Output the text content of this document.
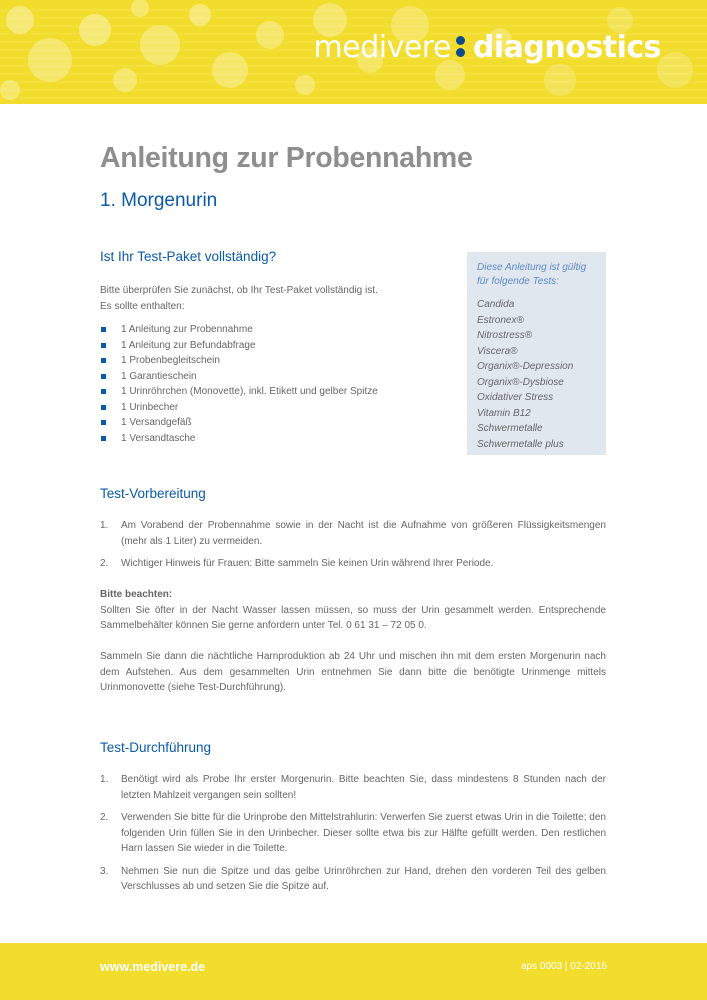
medivere diagnostics
Anleitung zur Probennahme
1. Morgenurin
Ist Ihr Test-Paket vollständig?

Bitte überprüfen Sie zunächst, ob Ihr Test-Paket vollständig ist.

Es sollte enthalten:

1 Anleitung zur Probennahme
1 Anleitung zur Befundabfrage
1 Probenbegleitschein
1 Garantieschein
1 Urinröhrchen (Monovette), inkl. Etikett und gelber Spitze
1 Urinbecher
1 Versandgefäß
1 Versandtasche
Diese Anleitung ist gültig
für folgende Tests:
Candida
Estronex®
Nitrostress®
Viscera®
Organix®-Depression
Organix®-Dysbiose
Oxidativer Stress
Vitamin B12
Schwermetalle
Schwermetalle plus
Test-Vorbereitung
1. Am Vorabend der Probennahme sowie in der Nacht ist die Aufnahme von größeren Flüssigkeitsmengen (mehr als 1 Liter) zu vermeiden.
2. Wichtiger Hinweis für Frauen: Bitte sammeln Sie keinen Urin während Ihrer Periode.

Bitte beachten:

Sollten Sie öfter in der Nacht Wasser lassen müssen, so muss der Urin gesammelt werden. Entsprechende Sammelbehälter können Sie gerne anfordern unter Tel. 0 61 31 – 72 05 0.

Sammeln Sie dann die nächtliche Harnproduktion ab 24 Uhr und mischen ihn mit dem ersten Morgenurin nach dem Aufstehen. Aus dem gesammelten Urin entnehmen Sie dann bitte die benötigte Urinmenge mittels Urinmonovette (siehe Test-Durchführung).

Test-Durchführung
1. Benötigt wird als Probe Ihr erster Morgenurin. Bitte beachten Sie, dass mindestens 8 Stunden nach der letzten Mahlzeit vergangen sein sollten!
2. Verwenden Sie bitte für die Urinprobe den Mittelstrahlurin: Verwerfen Sie zuerst etwas Urin in die Toilette; den folgenden Urin füllen Sie in den Urinbecher. Dieser sollte etwa bis zur Hälfte gefüllt werden. Den restlichen Harn lassen Sie wieder in die Toilette.
3. Nehmen Sie nun die Spitze und das gelbe Urinröhrchen zur Hand, drehen den vorderen Teil des gelben Verschlusses ab und setzen Sie die Spitze auf.
www.medivere.de	aps 0003 | 02-2016
